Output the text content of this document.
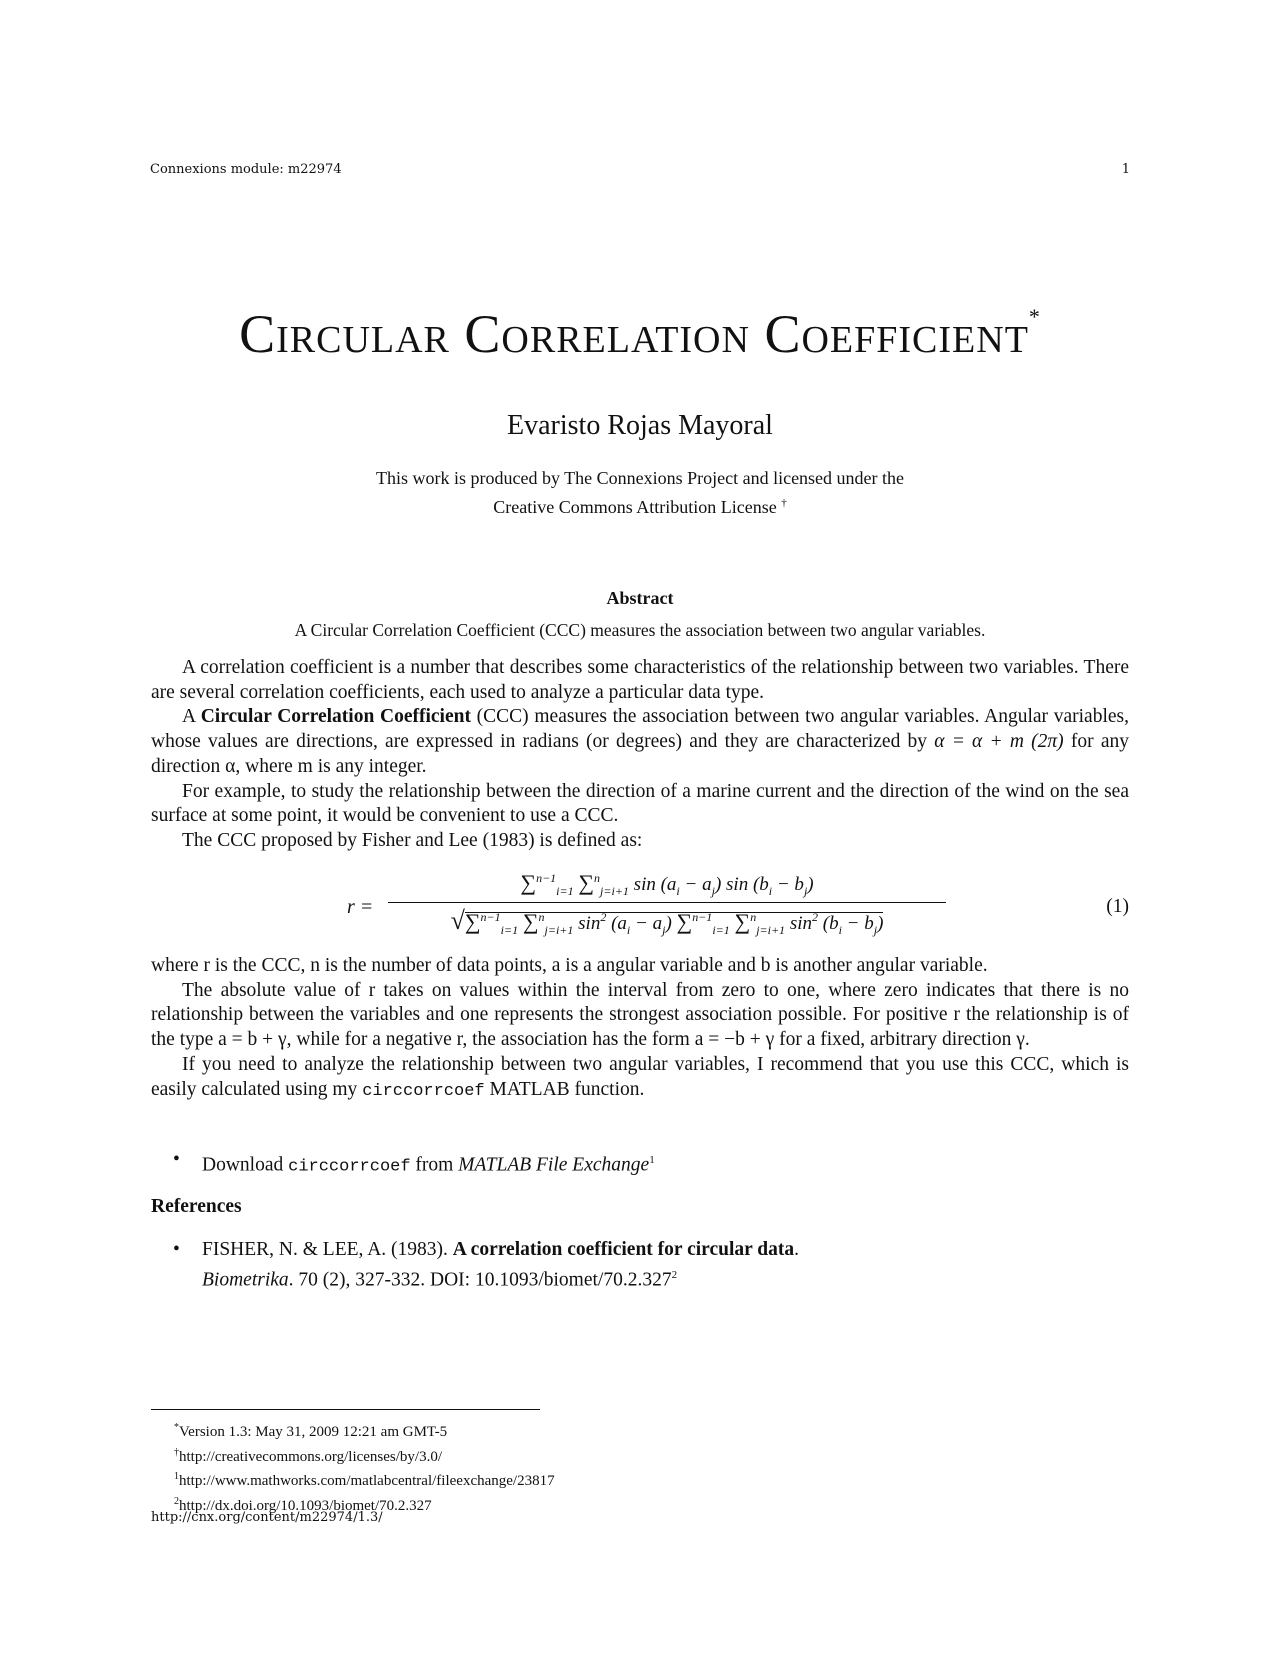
Connexions module: m22974	1
Circular Correlation Coefficient*
Evaristo Rojas Mayoral
This work is produced by The Connexions Project and licensed under the
Creative Commons Attribution License †
Abstract
A Circular Correlation Coefficient (CCC) measures the association between two angular variables.

A correlation coefficient is a number that describes some characteristics of the relationship between two variables. There are several correlation coefficients, each used to analyze a particular data type.

A Circular Correlation Coefficient (CCC) measures the association between two angular variables. Angular variables, whose values are directions, are expressed in radians (or degrees) and they are characterized by α = α + m (2π) for any direction α, where m is any integer.

For example, to study the relationship between the direction of a marine current and the direction of the wind on the sea surface at some point, it would be convenient to use a CCC.

The CCC proposed by Fisher and Lee (1983) is defined as:

r =
∑$^{n-1}_{i=1}$ ∑$^n_{j=i+1}$ $\sin (a_i - a_j)$ $\sin (b_i - b_j)$
√∑$^{n-1}_{i=1}$ ∑$^n_{j=i+1}$ $\sin^2 (a_i - a_j)$ ∑$^{n-1}_{i=1}$ ∑$^n_{j=i+1}$ $\sin^2 (b_i - b_j)$
(1)

where r is the CCC, n is the number of data points, a is a angular variable and b is another angular variable.

The absolute value of r takes on values within the interval from zero to one, where zero indicates that there is no relationship between the variables and one represents the strongest association possible. For positive r the relationship is of the type a = b + γ, while for a negative r, the association has the form a = −b + γ for a fixed, arbitrary direction γ.

If you need to analyze the relationship between two angular variables, I recommend that you use this CCC, which is easily calculated using my circcorrcoef MATLAB function.

• Download circcorrcoef from MATLAB File Exchange$^1$
References
• FISHER, N. & LEE, A. (1983). A correlation coefficient for circular data.
Biometrika. 70 (2), 327-332. DOI: 10.1093/biomet/70.2.327$^2$
*Version 1.3: May 31, 2009 12:21 am GMT-5
†http://creativecommons.org/licenses/by/3.0/
$^1$http://www.mathworks.com/matlabcentral/fileexchange/23817
$^2$http://dx.doi.org/10.1093/biomet/70.2.327
http://cnx.org/content/m22974/1.3/
